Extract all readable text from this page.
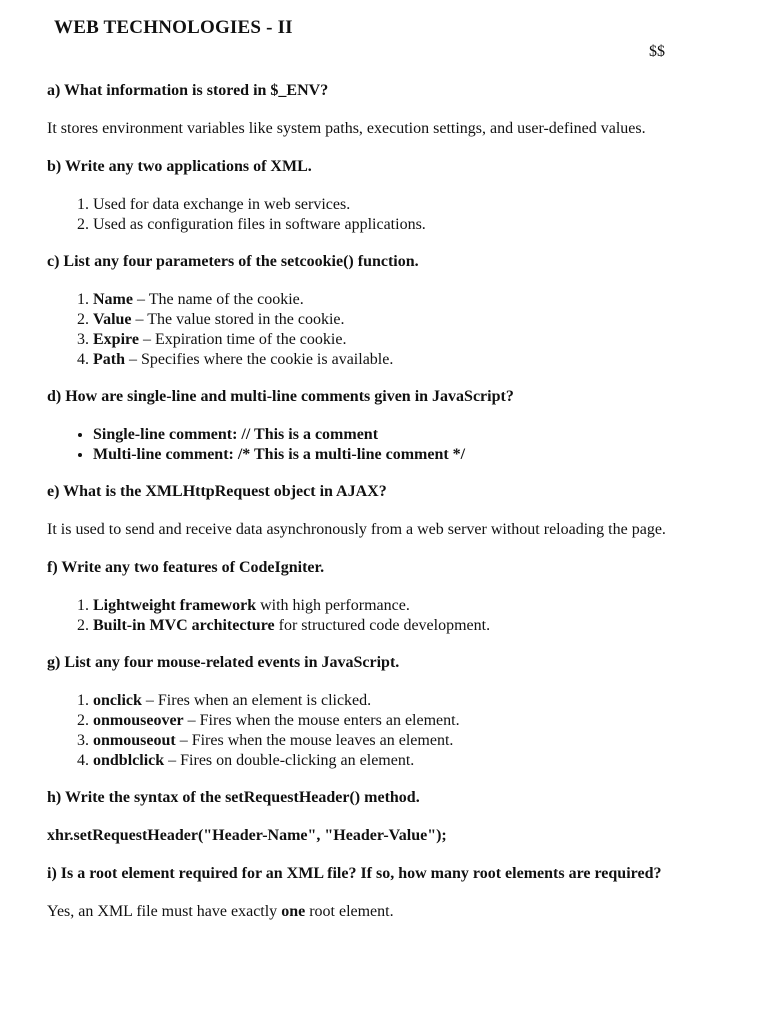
WEB TECHNOLOGIES - II
$$
a) What information is stored in $_ENV?
It stores environment variables like system paths, execution settings, and user-defined values.
b) Write any two applications of XML.
1. Used for data exchange in web services.
2. Used as configuration files in software applications.
c) List any four parameters of the setcookie() function.
1. Name – The name of the cookie.
2. Value – The value stored in the cookie.
3. Expire – Expiration time of the cookie.
4. Path – Specifies where the cookie is available.
d) How are single-line and multi-line comments given in JavaScript?
• Single-line comment: // This is a comment
• Multi-line comment: /* This is a multi-line comment */
e) What is the XMLHttpRequest object in AJAX?
It is used to send and receive data asynchronously from a web server without reloading the page.
f) Write any two features of CodeIgniter.
1. Lightweight framework with high performance.
2. Built-in MVC architecture for structured code development.
g) List any four mouse-related events in JavaScript.
1. onclick – Fires when an element is clicked.
2. onmouseover – Fires when the mouse enters an element.
3. onmouseout – Fires when the mouse leaves an element.
4. ondblclick – Fires on double-clicking an element.
h) Write the syntax of the setRequestHeader() method.
xhr.setRequestHeader("Header-Name", "Header-Value");
i) Is a root element required for an XML file? If so, how many root elements are required?
Yes, an XML file must have exactly one root element.
